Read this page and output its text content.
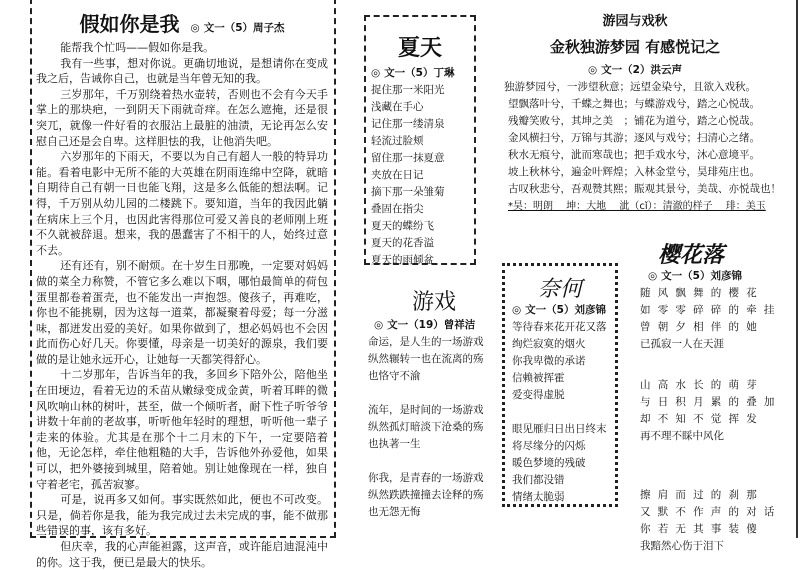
假如你是我 ◎ 文一（5）周子杰

能帮我个忙吗——假如你是我。

我有一些事，想对你说。更确切地说，是想请你在变成我之后，告诫你自己，也就是当年曾无知的我。

三岁那年，千万别绕着热水壶转，否则也不会有今天手掌上的那块疤，一到阴天下雨就奇痒。在怎么遮掩，还是很突兀，就像一件好看的衣服沾上最脏的油渍，无论再怎么安慰自己还是会自卑。这样胆怯的我，让他消失吧。

六岁那年的下雨天，不要以为自己有超人一般的特异功能。看着电影中无所不能的大英雄在阴雨连绵中空降，就暗自期待自己有朝一日也能飞翔，这是多么低能的想法啊。记得，千万别从幼儿园的二楼跳下。要知道，当年的我因此躺在病床上三个月，也因此害得那位可爱又善良的老师刚上班不久就被辞退。想来，我的愚蠢害了不相干的人，始终过意不去。

还有还有，别不耐烦。在十岁生日那晚，一定要对妈妈做的菜全力称赞，不管它多么难以下咽，哪怕最简单的荷包蛋里都卷着蛋壳，也不能发出一声抱怨。傻孩子，再难吃，你也不能挑剔，因为这每一道菜，都凝聚着母爱；每一分滋味，都迸发出爱的美好。如果你做到了，想必妈妈也不会因此而伤心好几天。你要懂，母亲是一切美好的源泉，我们要做的是让她永远开心，让她每一天都笑得舒心。

十二岁那年，告诉当年的我，多回乡下陪外公，陪他坐在田埂边，看着无边的禾苗从嫩绿变成金黄，听着耳畔的微风吹响山林的树叶，甚至，做一个倾听者，耐下性子听爷爷讲数十年前的老故事，听听他年轻时的理想，听听他一辈子走来的体验。尤其是在那个十二月末的下午，一定要陪着他，无论怎样，牵住他粗糙的大手，告诉他外孙爱他，如果可以，把外婆接到城里，陪着她。别让她像现在一样，独自守着老宅，孤苦寂寥。

可是，说再多又如何。事实既然如此，便也不可改变。只是，倘若你是我，能为我完成过去未完成的事，能不做那些错误的事，该有多好。

但庆幸，我的心声能袒露，这声音，或许能启迪混沌中的你。这于我，便已是最大的快乐。

夏天
◎ 文一（5）丁琳
捉住那一米阳光
浅藏在手心
记住那一缕清泉
轻流过脸颊
留住那一抹夏意
夹放在日记
摘下那一朵雏菊
叠固在指尖
夏天的蝶纷飞
夏天的花香溢
夏天的雨倾盆
游园与戏秋
金秋独游梦园 有感悦记之
◎ 文一（2）洪云声
独游梦园兮，一涉望秋意；远望金染兮，且欲入戏秋。
望飘落叶兮，千蝶之舞也；与蝶游戏兮，踏之心悦哉。
残瓣笑败兮，其坤之美　；铺花为道兮，踏之心悦哉。
金风横扫兮，万锦与其游；逐风与戏兮；扫清心之绪。
秋水无痕兮，泚而寒哉也；把手戏水兮，沐心意境平。
坡上秋林兮，遍金叶辉煌；入林金堂兮，昊琲苑庄也。
古叹秋悲兮，吾观赞其熙；賑观其景兮，美哉、亦悦哉也！
*昊：明朗　 坤：大地　 泚（cǐ）：清澈的样子　 琲：美玉
游戏
◎ 文一（19）曾祥洁
命运，是人生的一场游戏
纵然辗转一也在流离的殇
也恪守不渝
流年，是时间的一场游戏
纵然孤灯暗淡下沧桑的殇
也执著一生
你我，是青春的一场游戏
纵然跌跌撞撞去诠释的殇
也无怨无悔
奈何
◎ 文一（5）刘彦锦
等待春来花开花又落
绚烂寂寞的烟火
你我卑微的承诺
信赖被挥霍
爱变得虚脱
眼见雁归日出日终末
将尽缘分的闪烁
暖色梦境的残破
我们都没错
情绪太脆弱
樱花落
◎ 文一（5）刘彦锦
随风飘舞的樱花
如零零碎碎的牵挂
曾朝夕相伴的她
已孤寂一人在天涯
山高水长的萌芽
与日积月累的叠加
却不知不觉挥发
再不理不睬中风化
擦肩而过的刹那
又默不作声的对话
你若无其事装傻
我黯然心伤于泪下
